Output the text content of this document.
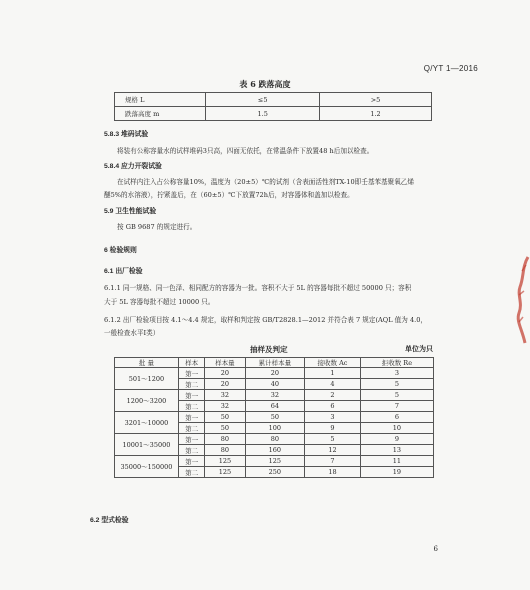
Q/YT 1—2016
表 6 跌落高度
规格 L	≤5	>5
跌落高度 m	1.5	1.2
5.8.3 堆码试验
将装有公称容量水的试样堆码3只高，四面无依托，在常温条件下放置48 h后加以检查。
5.8.4 应力开裂试验
在试样内注入占公称容量10%，温度为（20±5）℃的试剂（含表面活性剂TX-10即壬基苯基聚氧乙烯
醚5%的水溶液），拧紧盖后，在（60±5）℃下放置72h后，对容器体和盖加以检查。
5.9 卫生性能试验
按 GB 9687 的规定进行。
6 检验规则
6.1 出厂检验
6.1.1 同一规格、同一色泽、相同配方的容器为一批。容积不大于 5L 的容器每批不超过 50000 只；容积
大于 5L 容器每批不超过 10000 只。
6.1.2 出厂检验项目按 4.1～4.4 规定，取样和判定按 GB/T2828.1—2012 并符合表 7 规定(AQL 值为 4.0，
一般检查水平Ⅰ类）
抽样及判定	单位为只
批 量	样本	样本量	累计样本量	接收数 Ac	拒收数 Re
501～1200	第一	20	20	1	3
	第二	20	40	4	5
1200～3200	第一	32	32	2	5
	第二	32	64	6	7
3201～10000	第一	50	50	3	6
	第二	50	100	9	10
10001～35000	第一	80	80	5	9
	第二	80	160	12	13
35000～150000	第一	125	125	7	11
	第二	125	250	18	19
6.2 型式检验
6
